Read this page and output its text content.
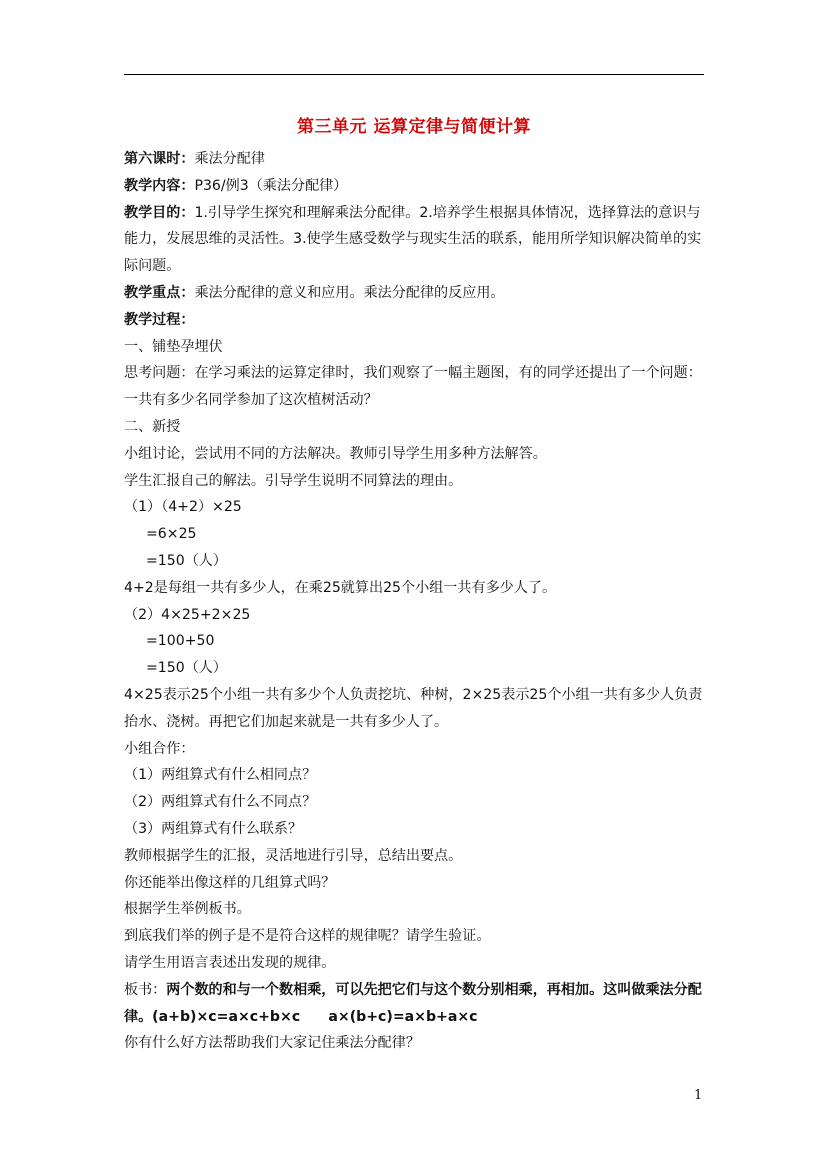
第三单元 运算定律与简便计算

第六课时：乘法分配律

教学内容：P36/例3（乘法分配律）

教学目的：1.引导学生探究和理解乘法分配律。2.培养学生根据具体情况，选择算法的意识与能力，发展思维的灵活性。3.使学生感受数学与现实生活的联系，能用所学知识解决简单的实际问题。

教学重点：乘法分配律的意义和应用。乘法分配律的反应用。

教学过程：

一、铺垫孕埋伏

思考问题：在学习乘法的运算定律时，我们观察了一幅主题图，有的同学还提出了一个问题：一共有多少名同学参加了这次植树活动？

二、新授

小组讨论，尝试用不同的方法解决。教师引导学生用多种方法解答。

学生汇报自己的解法。引导学生说明不同算法的理由。

（1）（4+2）×25

=6×25

=150（人）

4+2是每组一共有多少人，在乘25就算出25个小组一共有多少人了。

（2）4×25+2×25

=100+50

=150（人）

4×25表示25个小组一共有多少个人负责挖坑、种树，2×25表示25个小组一共有多少人负责抬水、浇树。再把它们加起来就是一共有多少人了。

小组合作：

（1）两组算式有什么相同点？

（2）两组算式有什么不同点？

（3）两组算式有什么联系？

教师根据学生的汇报，灵活地进行引导，总结出要点。

你还能举出像这样的几组算式吗？

根据学生举例板书。

到底我们举的例子是不是符合这样的规律呢？请学生验证。

请学生用语言表述出发现的规律。

板书：两个数的和与一个数相乘，可以先把它们与这个数分别相乘，再相加。这叫做乘法分配律。(a+b)×c=a×c+b×c　　a×(b+c)=a×b+a×c

你有什么好方法帮助我们大家记住乘法分配律？

1
